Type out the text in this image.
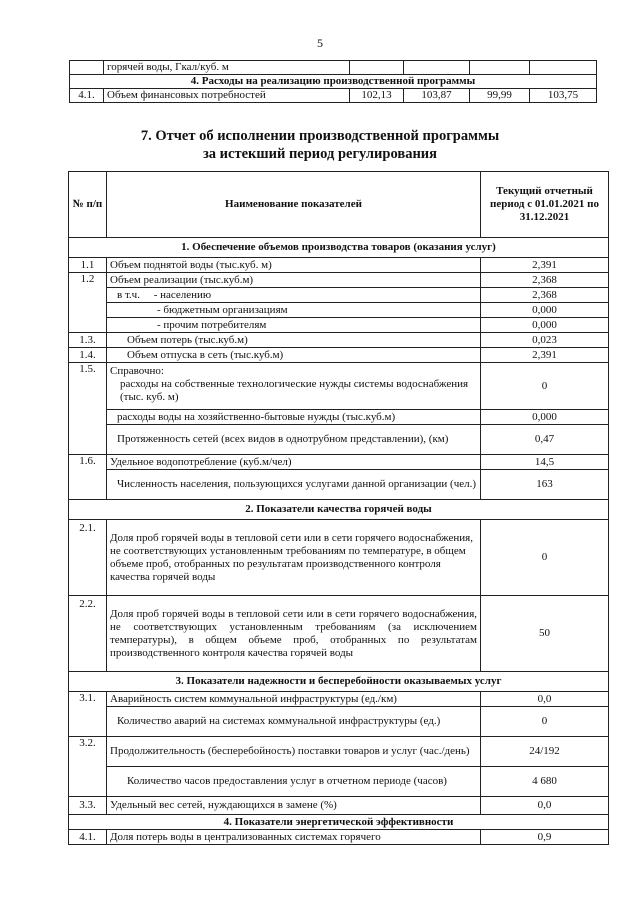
5
	горячей воды, Гкал/куб. м				
4. Расходы на реализацию производственной программы					
4.1.	Объем финансовых потребностей	102,13	103,87	99,99	103,75
7. Отчет об исполнении производственной программы
за истекший период регулирования
№ п/п	Наименование показателей	Текущий отчетный период с 01.01.2021 по 31.12.2021
1. Обеспечение объемов производства товаров (оказания услуг)		
1.1	Объем поднятой воды (тыс.куб. м)	2,391
1.2	Объем реализации (тыс.куб.м)	2,368
	в т.ч.     - населению	2,368
	- бюджетным организациям	0,000
	- прочим потребителям	0,000
1.3.	Объем потерь (тыс.куб.м)	0,023
1.4.	Объем отпуска в сеть (тыс.куб.м)	2,391
1.5.	Справочно:
расходы на собственные технологические нужды системы водоснабжения (тыс. куб. м)	0
	расходы воды на хозяйственно-бытовые нужды (тыс.куб.м)	0,000
	Протяженность сетей (всех видов в однотрубном представлении), (км)	0,47
1.6.	Удельное водопотребление (куб.м/чел)	14,5
	Численность населения, пользующихся услугами данной организации (чел.)	163
2. Показатели качества горячей воды		
2.1.	Доля проб горячей воды в тепловой сети или в сети горячего водоснабжения, не соответствующих установленным требованиям по температуре, в общем объеме проб, отобранных по результатам производственного контроля качества горячей воды	0
2.2.	Доля проб горячей воды в тепловой сети или в сети горячего водоснабжения, не соответствующих установленным требованиям (за исключением температуры), в общем объеме проб, отобранных по результатам производственного контроля качества горячей воды	50
3. Показатели надежности и бесперебойности оказываемых услуг		
3.1.	Аварийность систем коммунальной инфраструктуры (ед./км)	0,0
	Количество аварий на системах коммунальной инфраструктуры (ед.)	0
3.2.	Продолжительность (бесперебойность) поставки товаров и услуг (час./день)	24/192
	Количество часов предоставления услуг в отчетном периоде (часов)	4 680
3.3.	Удельный вес сетей, нуждающихся в замене (%)	0,0
4. Показатели энергетической эффективности		
4.1.	Доля потерь воды в централизованных системах горячего	0,9
